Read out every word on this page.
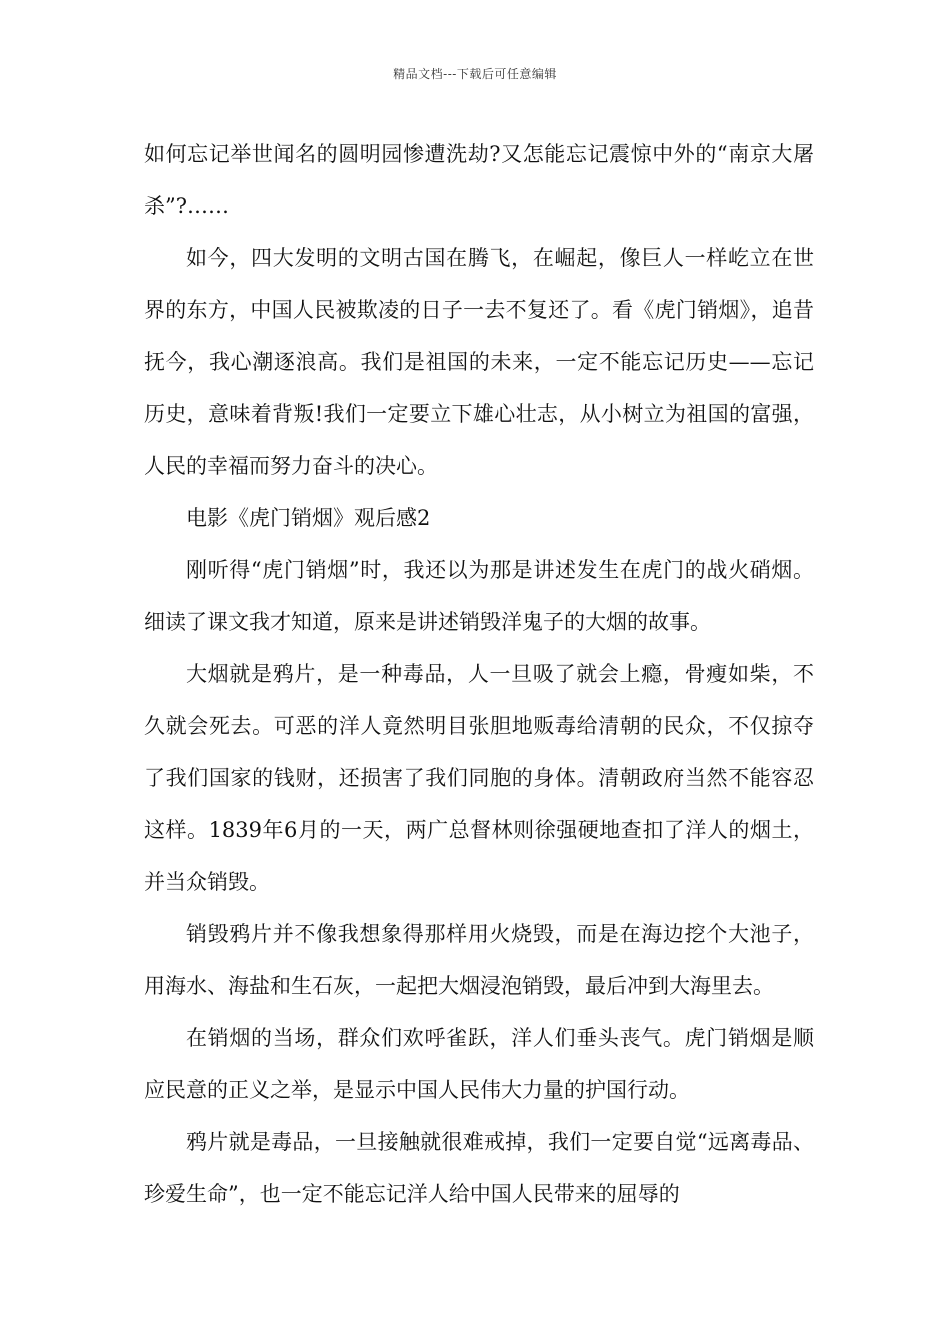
精品文档---下载后可任意编辑

如何忘记举世闻名的圆明园惨遭洗劫?又怎能忘记震惊中外的“南京大屠杀”?……

如今，四大发明的文明古国在腾飞，在崛起，像巨人一样屹立在世界的东方，中国人民被欺凌的日子一去不复还了。看《虎门销烟》，追昔抚今，我心潮逐浪高。我们是祖国的未来，一定不能忘记历史——忘记历史，意味着背叛!我们一定要立下雄心壮志，从小树立为祖国的富强，人民的幸福而努力奋斗的决心。

电影《虎门销烟》观后感2

刚听得“虎门销烟”时，我还以为那是讲述发生在虎门的战火硝烟。细读了课文我才知道，原来是讲述销毁洋鬼子的大烟的故事。

大烟就是鸦片，是一种毒品，人一旦吸了就会上瘾，骨瘦如柴，不久就会死去。可恶的洋人竟然明目张胆地贩毒给清朝的民众，不仅掠夺了我们国家的钱财，还损害了我们同胞的身体。清朝政府当然不能容忍这样。1839年6月的一天，两广总督林则徐强硬地查扣了洋人的烟土，并当众销毁。

销毁鸦片并不像我想象得那样用火烧毁，而是在海边挖个大池子，用海水、海盐和生石灰，一起把大烟浸泡销毁，最后冲到大海里去。

在销烟的当场，群众们欢呼雀跃，洋人们垂头丧气。虎门销烟是顺应民意的正义之举，是显示中国人民伟大力量的护国行动。

鸦片就是毒品，一旦接触就很难戒掉，我们一定要自觉“远离毒品、珍爱生命”，也一定不能忘记洋人给中国人民带来的屈辱的
